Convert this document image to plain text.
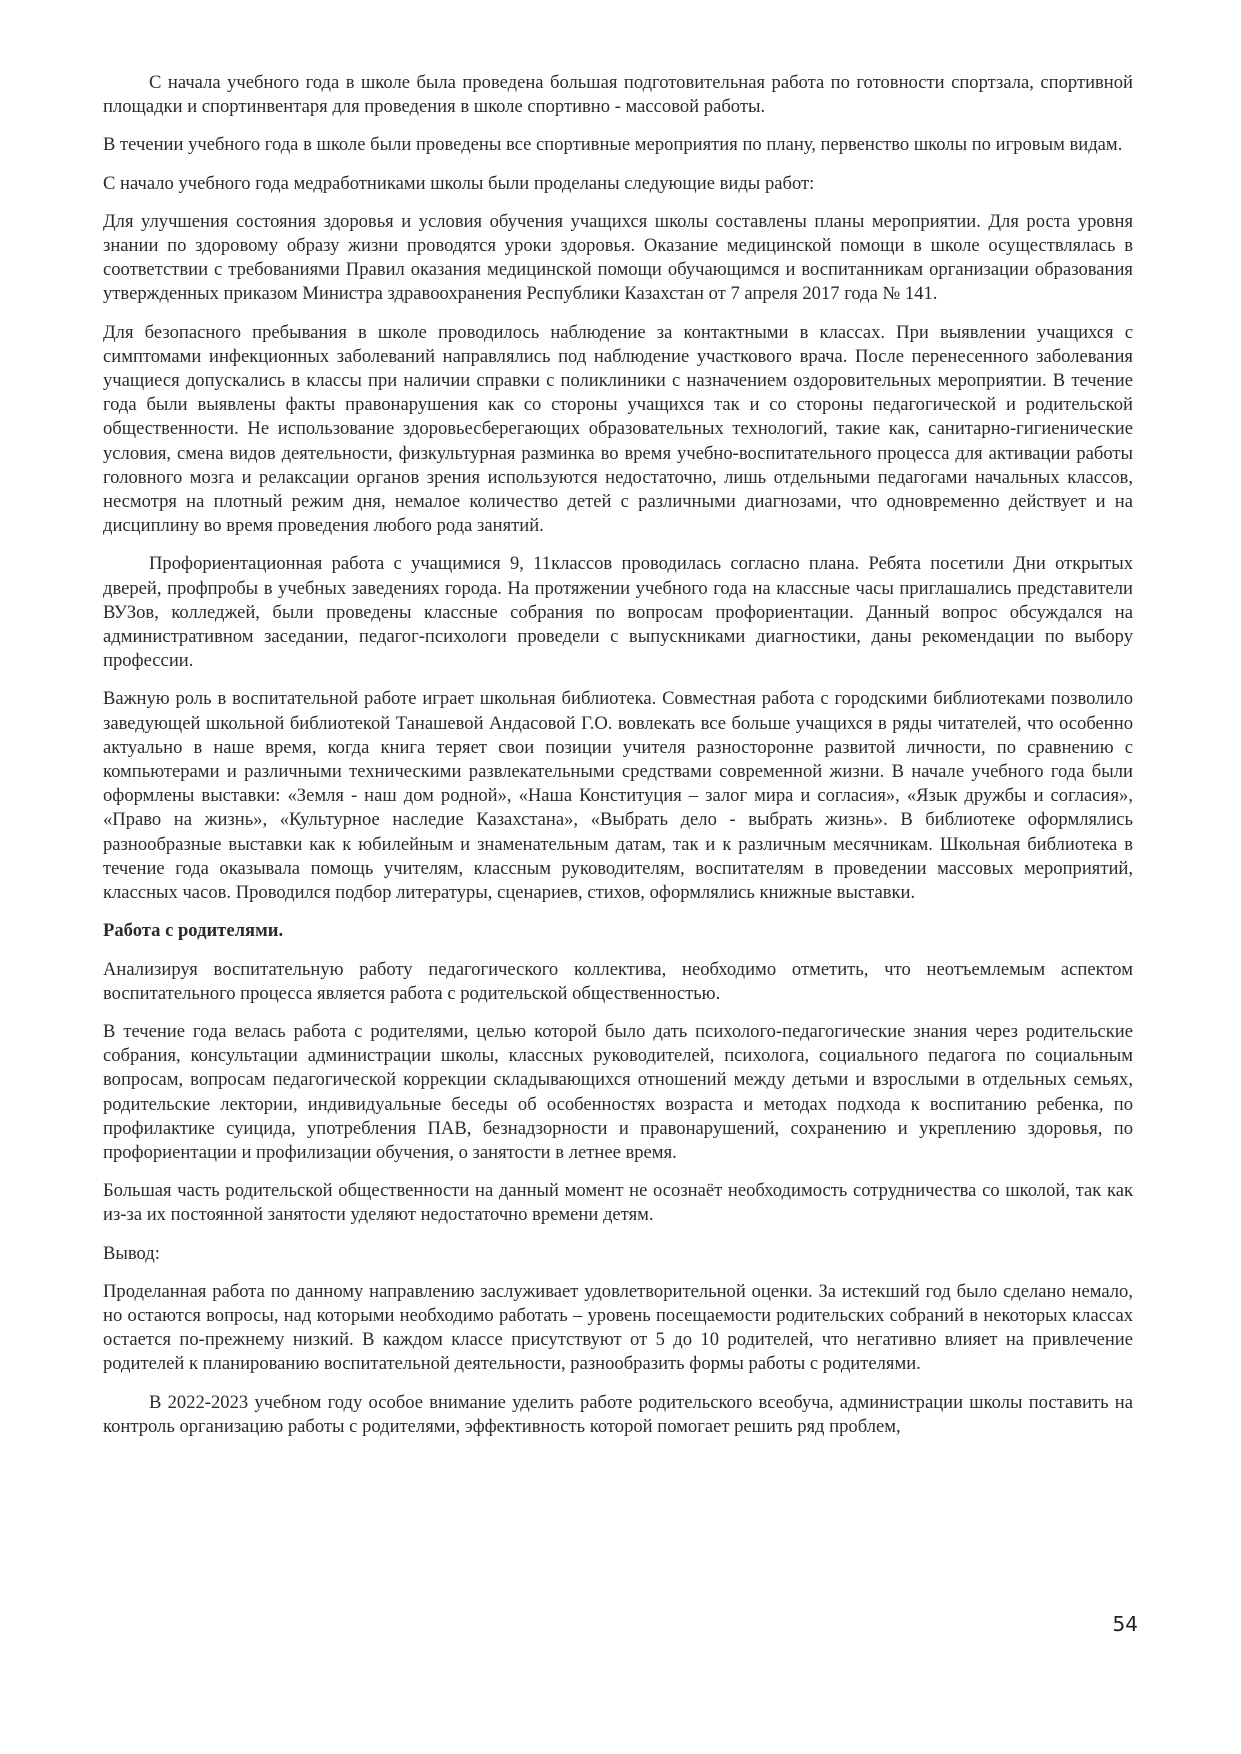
С начала учебного года в школе была проведена большая подготовительная работа по готовности спортзала, спортивной площадки и спортинвентаря для проведения в школе спортивно - массовой работы.

В течении учебного года в школе были проведены все спортивные мероприятия по плану, первенство школы по игровым видам.

С начало учебного года медработниками школы были проделаны следующие виды работ:

Для улучшения состояния здоровья и условия обучения учащихся школы составлены планы мероприятии. Для роста уровня знании по здоровому образу жизни проводятся уроки здоровья. Оказание медицинской помощи в школе осуществлялась в соответствии с требованиями Правил оказания медицинской помощи обучающимся и воспитанникам организации образования утвержденных приказом Министра здравоохранения Республики Казахстан от 7 апреля 2017 года № 141.

Для безопасного пребывания в школе проводилось наблюдение за контактными в классах. При выявлении учащихся с симптомами инфекционных заболеваний направлялись под наблюдение участкового врача. После перенесенного заболевания учащиеся допускались в классы при наличии справки с поликлиники с назначением оздоровительных мероприятии. В течение года были выявлены факты правонарушения как со стороны учащихся так и со стороны педагогической и родительской общественности. Не использование здоровьесберегающих образовательных технологий, такие как, санитарно-гигиенические условия, смена видов деятельности, физкультурная разминка во время учебно-воспитательного процесса для активации работы головного мозга и релаксации органов зрения используются недостаточно, лишь отдельными педагогами начальных классов, несмотря на плотный режим дня, немалое количество детей с различными диагнозами, что одновременно действует и на дисциплину во время проведения любого рода занятий.

Профориентационная работа с учащимися 9, 11классов проводилась согласно плана. Ребята посетили Дни открытых дверей, профпробы в учебных заведениях города. На протяжении учебного года на классные часы приглашались представители ВУЗов, колледжей, были проведены классные собрания по вопросам профориентации. Данный вопрос обсуждался на административном заседании, педагог-психологи проведели с выпускниками диагностики, даны рекомендации по выбору профессии.

Важную роль в воспитательной работе играет школьная библиотека. Совместная работа с городскими библиотеками позволило заведующей школьной библиотекой Танашевой Андасовой Г.О. вовлекать все больше учащихся в ряды читателей, что особенно актуально в наше время, когда книга теряет свои позиции учителя разносторонне развитой личности, по сравнению с компьютерами и различными техническими развлекательными средствами современной жизни. В начале учебного года были оформлены выставки: «Земля - наш дом родной», «Наша Конституция – залог мира и согласия», «Язык дружбы и согласия», «Право на жизнь», «Культурное наследие Казахстана», «Выбрать дело - выбрать жизнь». В библиотеке оформлялись разнообразные выставки как к юбилейным и знаменательным датам, так и к различным месячникам. Школьная библиотека в течение года оказывала помощь учителям, классным руководителям, воспитателям в проведении массовых мероприятий, классных часов. Проводился подбор литературы, сценариев, стихов, оформлялись книжные выставки.

Работа с родителями.

Анализируя воспитательную работу педагогического коллектива, необходимо отметить, что неотъемлемым аспектом воспитательного процесса является работа с родительской общественностью.

В течение года велась работа с родителями, целью которой было дать психолого-педагогические знания через родительские собрания, консультации администрации школы, классных руководителей, психолога, социального педагога по социальным вопросам, вопросам педагогической коррекции складывающихся отношений между детьми и взрослыми в отдельных семьях, родительские лектории, индивидуальные беседы об особенностях возраста и методах подхода к воспитанию ребенка, по профилактике суицида, употребления ПАВ, безнадзорности и правонарушений, сохранению и укреплению здоровья, по профориентации и профилизации обучения, о занятости в летнее время.

Большая часть родительской общественности на данный момент не осознаёт необходимость сотрудничества со школой, так как из-за их постоянной занятости уделяют недостаточно времени детям.

Вывод:

Проделанная работа по данному направлению заслуживает удовлетворительной оценки. За истекший год было сделано немало, но остаются вопросы, над которыми необходимо работать – уровень посещаемости родительских собраний в некоторых классах остается по-прежнему низкий. В каждом классе присутствуют от 5 до 10 родителей, что негативно влияет на привлечение родителей к планированию воспитательной деятельности, разнообразить формы работы с родителями.

В 2022-2023 учебном году особое внимание уделить работе родительского всеобуча, администрации школы поставить на контроль организацию работы с родителями, эффективность которой помогает решить ряд проблем,

54
